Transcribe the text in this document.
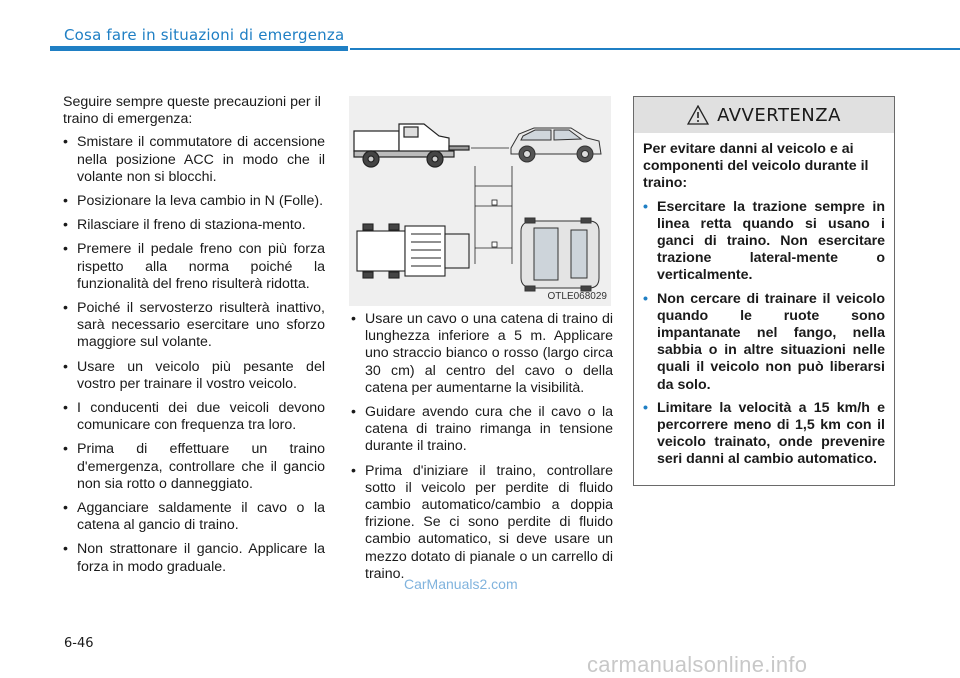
Cosa fare in situazioni di emergenza

Seguire sempre queste precauzioni per il traino di emergenza:

• Smistare il commutatore di accensione nella posizione ACC in modo che il volante non si blocchi.
• Posizionare la leva cambio in N (Folle).
• Rilasciare il freno di staziona-mento.
• Premere il pedale freno con più forza rispetto alla norma poiché la funzionalità del freno risulterà ridotta.
• Poiché il servosterzo risulterà inattivo, sarà necessario esercitare uno sforzo maggiore sul volante.
• Usare un veicolo più pesante del vostro per trainare il vostro veicolo.
• I conducenti dei due veicoli devono comunicare con frequenza tra loro.
• Prima di effettuare un traino d'emergenza, controllare che il gancio non sia rotto o danneggiato.
• Agganciare saldamente il cavo o la catena al gancio di traino.
• Non strattonare il gancio. Applicare la forza in modo graduale.
OTLE068029
• Usare un cavo o una catena di traino di lunghezza inferiore a 5 m. Applicare uno straccio bianco o rosso (largo circa 30 cm) al centro del cavo o della catena per aumentarne la visibilità.
• Guidare avendo cura che il cavo o la catena di traino rimanga in tensione durante il traino.
• Prima d'iniziare il traino, controllare sotto il veicolo per perdite di fluido cambio automatico/cambio a doppia frizione. Se ci sono perdite di fluido cambio automatico, si deve usare un mezzo dotato di pianale o un carrello di traino.
AVVERTENZA

Per evitare danni al veicolo e ai componenti del veicolo durante il traino:

• Esercitare la trazione sempre in linea retta quando si usano i ganci di traino. Non esercitare trazione lateral-mente o verticalmente.
• Non cercare di trainare il veicolo quando le ruote sono impantanate nel fango, nella sabbia o in altre situazioni nelle quali il veicolo non può liberarsi da solo.
• Limitare la velocità a 15 km/h e percorrere meno di 1,5 km con il veicolo trainato, onde prevenire seri danni al cambio automatico.
6-46
CarManuals2.com
carmanualsonline.info
